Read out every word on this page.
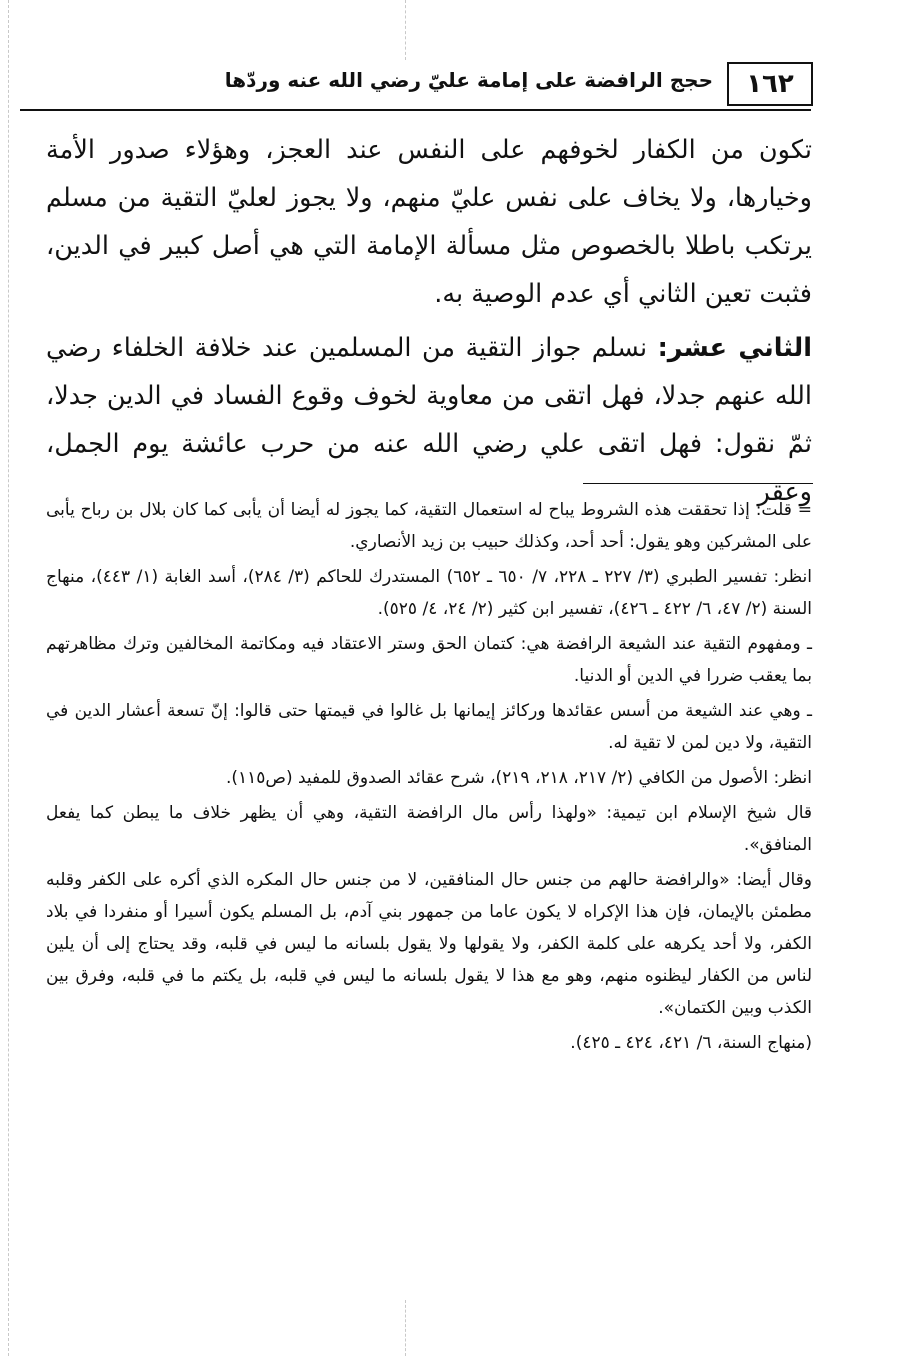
١٦٢
حجج الرافضة على إمامة عليّ رضي الله عنه وردّها

تكون من الكفار لخوفهم على النفس عند العجز، وهؤلاء صدور الأمة وخيارها، ولا يخاف على نفس عليّ منهم، ولا يجوز لعليّ التقية من مسلم يرتكب باطلا بالخصوص مثل مسألة الإمامة التي هي أصل كبير في الدين، فثبت تعين الثاني أي عدم الوصية به.

الثاني عشر: نسلم جواز التقية من المسلمين عند خلافة الخلفاء رضي الله عنهم جدلا، فهل اتقى من معاوية لخوف وقوع الفساد في الدين جدلا، ثمّ نقول: فهل اتقى علي رضي الله عنه من حرب عائشة يوم الجمل، وعقر

= قلت: إذا تحققت هذه الشروط يباح له استعمال التقية، كما يجوز له أيضا أن يأبى كما كان بلال بن رباح يأبى على المشركين وهو يقول: أحد أحد، وكذلك حبيب بن زيد الأنصاري.

انظر: تفسير الطبري (٣/ ٢٢٧ ـ ٢٢٨، ٧/ ٦٥٠ ـ ٦٥٢) المستدرك للحاكم (٣/ ٢٨٤)، أسد الغابة (١/ ٤٤٣)، منهاج السنة (٢/ ٤٧، ٦/ ٤٢٢ ـ ٤٢٦)، تفسير ابن كثير (٢/ ٢٤، ٤/ ٥٢٥).

ـ ومفهوم التقية عند الشيعة الرافضة هي: كتمان الحق وستر الاعتقاد فيه ومكاتمة المخالفين وترك مظاهرتهم بما يعقب ضررا في الدين أو الدنيا.

ـ وهي عند الشيعة من أسس عقائدها وركائز إيمانها بل غالوا في قيمتها حتى قالوا: إنّ تسعة أعشار الدين في التقية، ولا دين لمن لا تقية له.

انظر: الأصول من الكافي (٢/ ٢١٧، ٢١٨، ٢١٩)، شرح عقائد الصدوق للمفيد (ص١١٥).

قال شيخ الإسلام ابن تيمية: «ولهذا رأس مال الرافضة التقية، وهي أن يظهر خلاف ما يبطن كما يفعل المنافق».

وقال أيضا: «والرافضة حالهم من جنس حال المنافقين، لا من جنس حال المكره الذي أكره على الكفر وقلبه مطمئن بالإيمان، فإن هذا الإكراه لا يكون عاما من جمهور بني آدم، بل المسلم يكون أسيرا أو منفردا في بلاد الكفر، ولا أحد يكرهه على كلمة الكفر، ولا يقولها ولا يقول بلسانه ما ليس في قلبه، وقد يحتاج إلى أن يلين لناس من الكفار ليظنوه منهم، وهو مع هذا لا يقول بلسانه ما ليس في قلبه، بل يكتم ما في قلبه، وفرق بين الكذب وبين الكتمان».

(منهاج السنة، ٦/ ٤٢١، ٤٢٤ ـ ٤٢٥).
